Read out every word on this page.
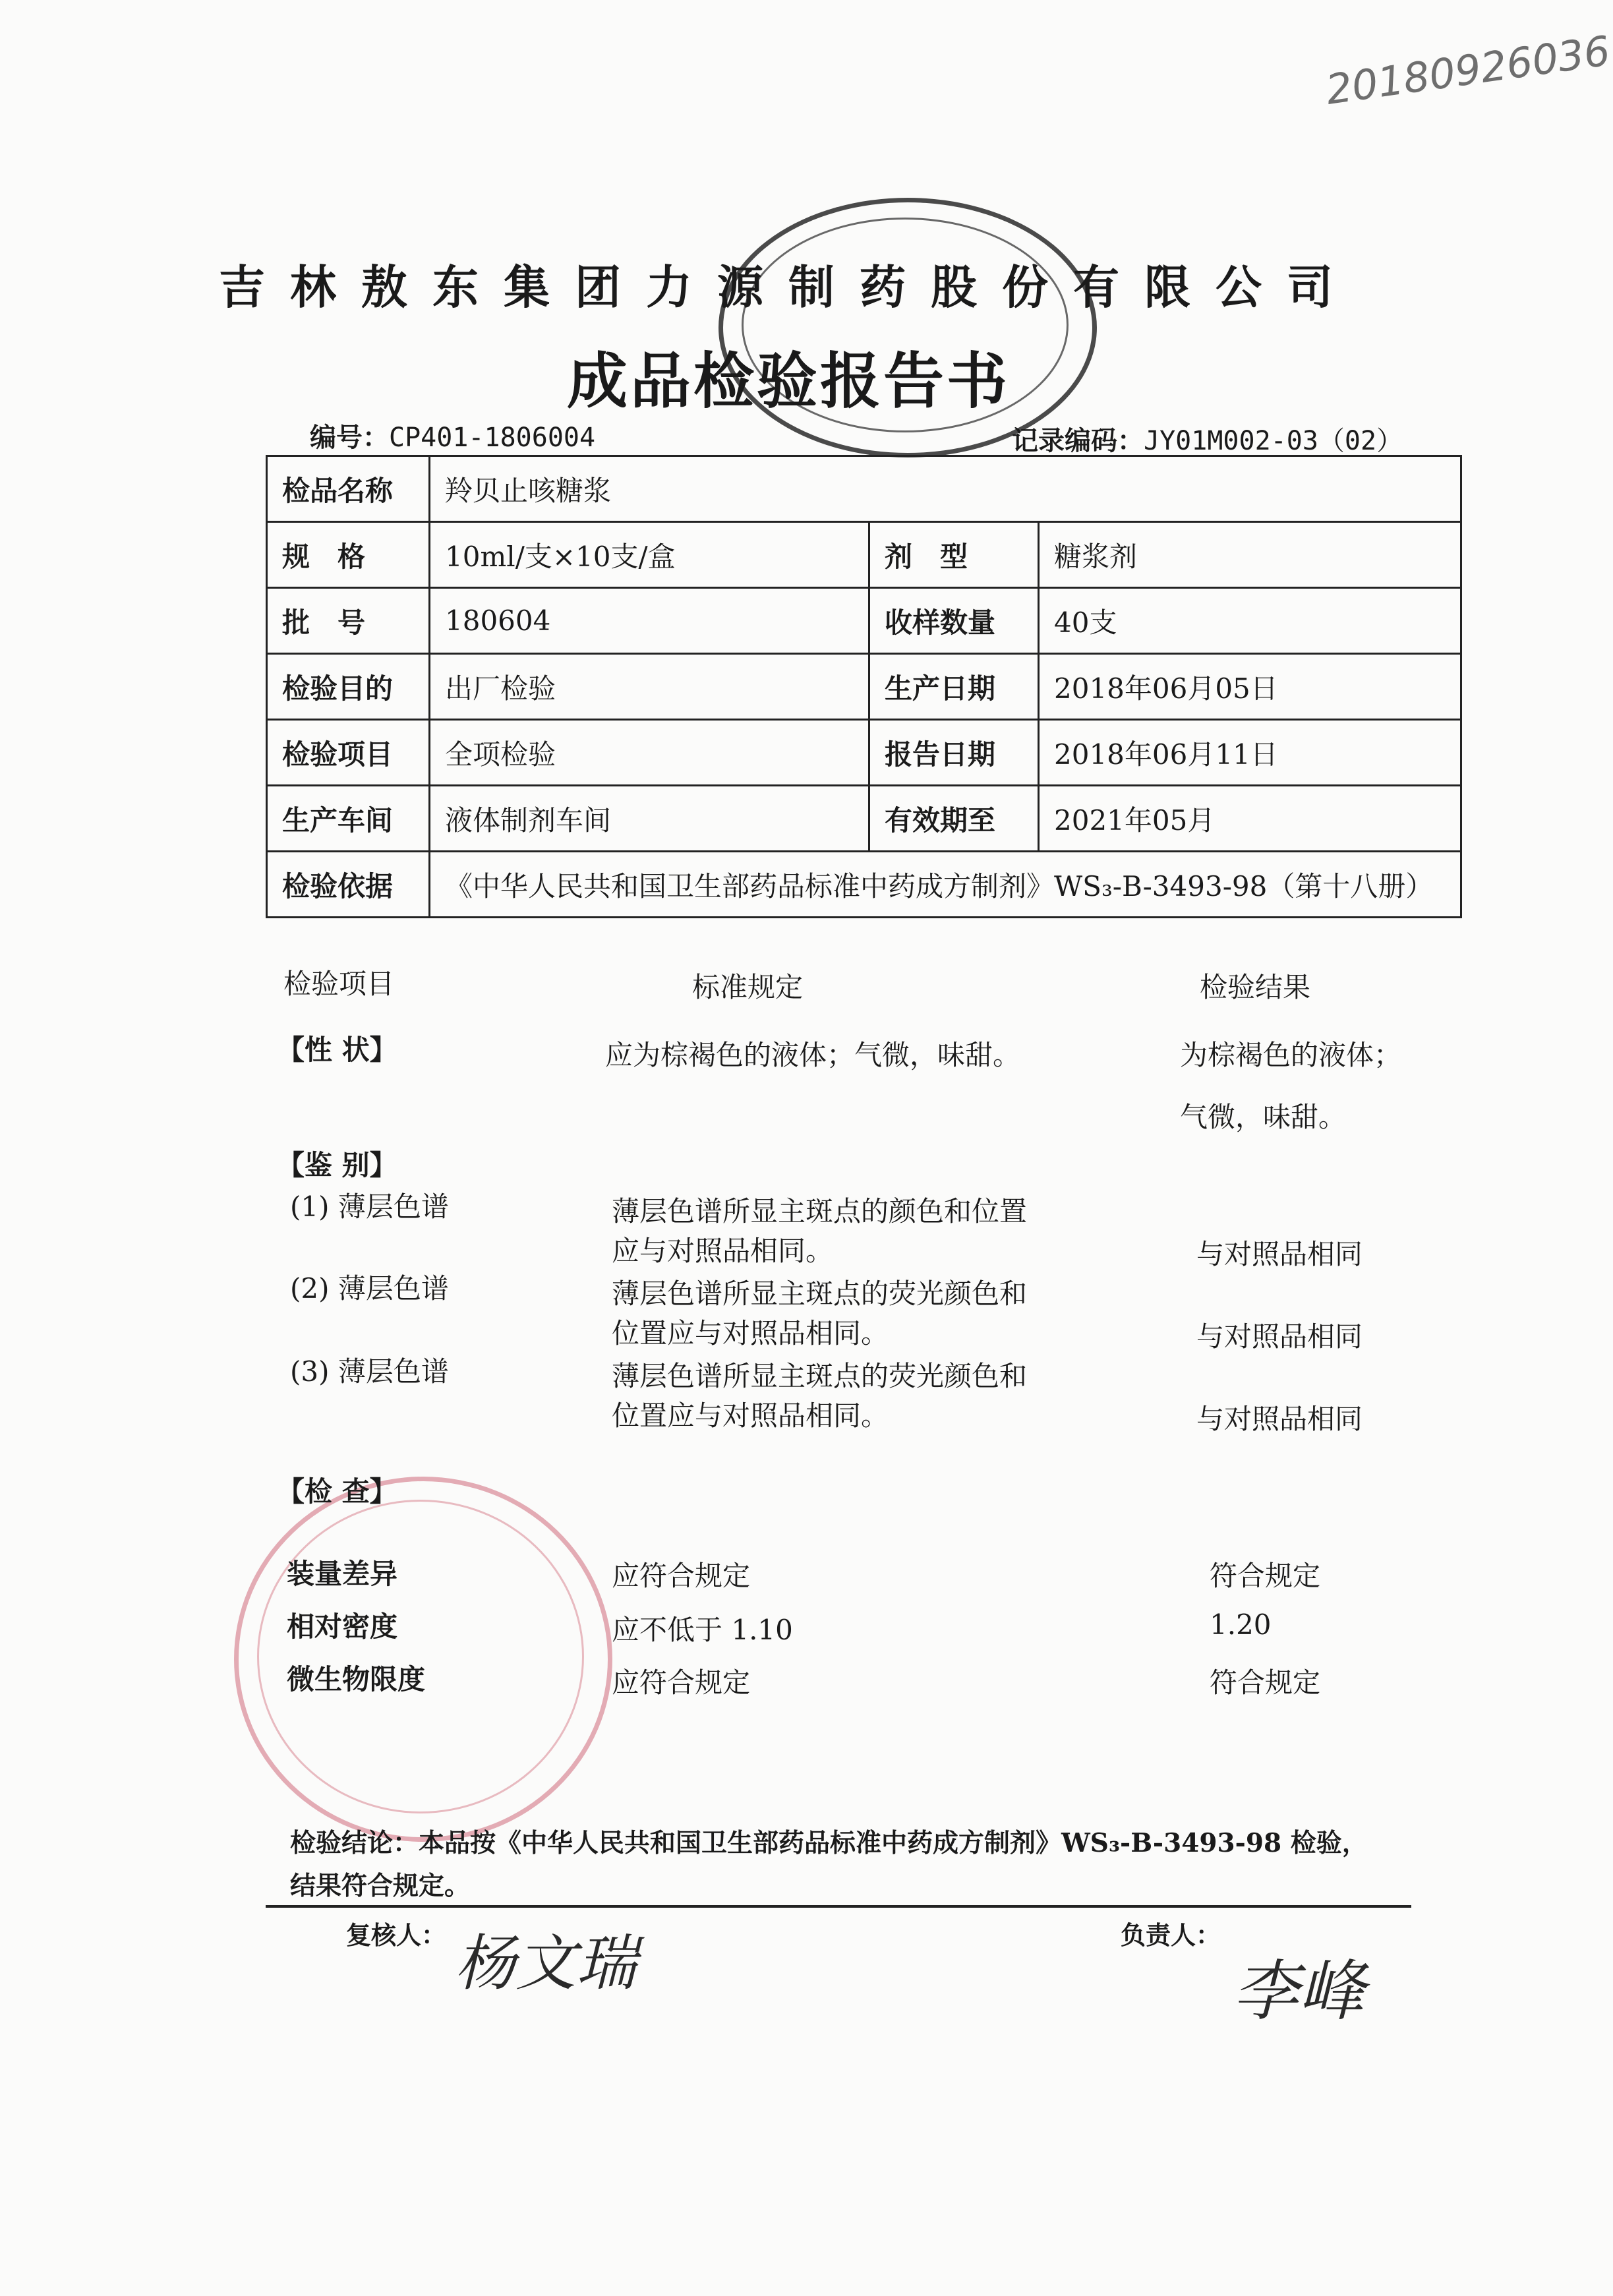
20180926036
吉林敖东集团力源制药股份有限公司
成品检验报告书
编号：CP401-1806004	记录编码：JY01M002-03（02）
检品名称	羚贝止咳糖浆		
规　格	10ml/支×10支/盒	剂　型	糖浆剂
批　号	180604	收样数量	40支
检验目的	出厂检验	生产日期	2018年06月05日
检验项目	全项检验	报告日期	2018年06月11日
生产车间	液体制剂车间	有效期至	2021年05月
检验依据	《中华人民共和国卫生部药品标准中药成方制剂》WS₃-B-3493-98（第十八册）		
检验项目	标准规定	检验结果
【性 状】	应为棕褐色的液体；气微，味甜。	为棕褐色的液体；
气微，味甜。
【鉴 别】
(1) 薄层色谱	薄层色谱所显主斑点的颜色和位置
应与对照品相同。	与对照品相同
(2) 薄层色谱	薄层色谱所显主斑点的荧光颜色和
位置应与对照品相同。	与对照品相同
(3) 薄层色谱	薄层色谱所显主斑点的荧光颜色和
位置应与对照品相同。	与对照品相同
【检 查】
装量差异	应符合规定	符合规定
相对密度	应不低于 1.10	1.20
微生物限度	应符合规定	符合规定
检验结论：本品按《中华人民共和国卫生部药品标准中药成方制剂》WS₃-B-3493-98 检验，
结果符合规定。
复核人： 杨文瑞	负责人：
李峰
